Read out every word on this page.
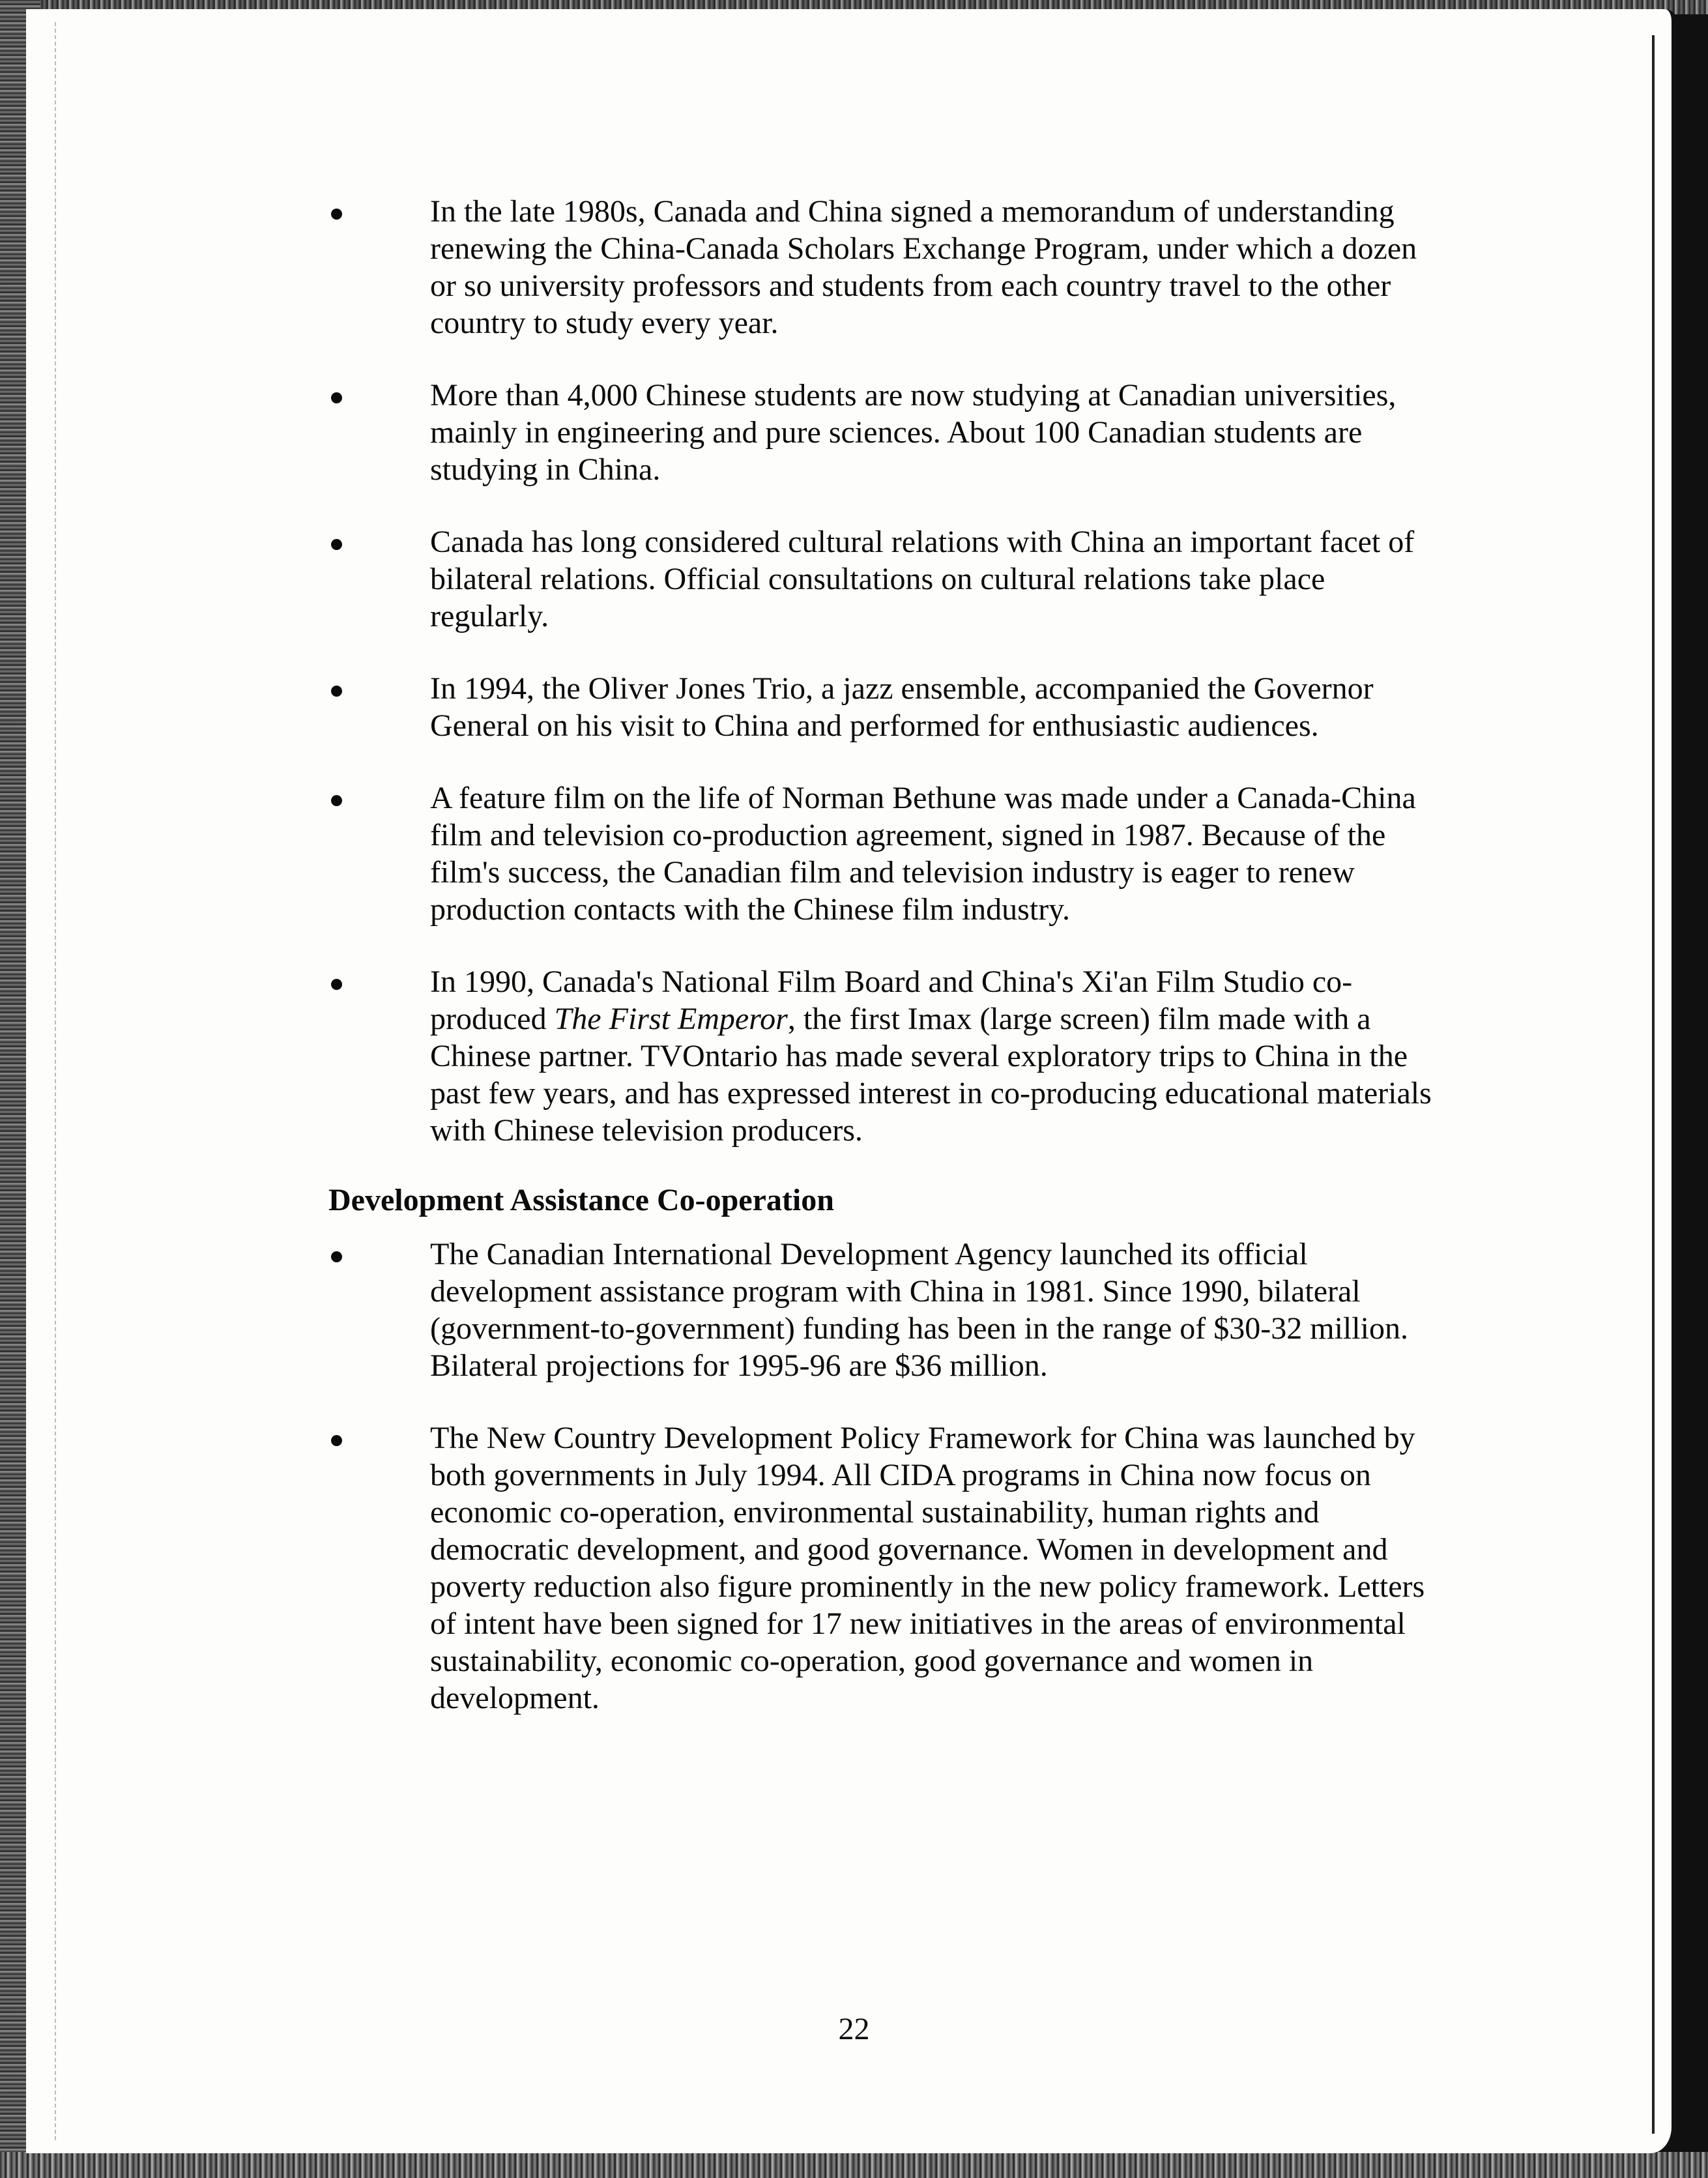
In the late 1980s, Canada and China signed a memorandum of understanding renewing the China-Canada Scholars Exchange Program, under which a dozen or so university professors and students from each country travel to the other country to study every year.
More than 4,000 Chinese students are now studying at Canadian universities, mainly in engineering and pure sciences. About 100 Canadian students are studying in China.
Canada has long considered cultural relations with China an important facet of bilateral relations. Official consultations on cultural relations take place regularly.
In 1994, the Oliver Jones Trio, a jazz ensemble, accompanied the Governor General on his visit to China and performed for enthusiastic audiences.
A feature film on the life of Norman Bethune was made under a Canada-China film and television co-production agreement, signed in 1987. Because of the film's success, the Canadian film and television industry is eager to renew production contacts with the Chinese film industry.
In 1990, Canada's National Film Board and China's Xi'an Film Studio co-produced The First Emperor, the first Imax (large screen) film made with a Chinese partner. TVOntario has made several exploratory trips to China in the past few years, and has expressed interest in co-producing educational materials with Chinese television producers.
Development Assistance Co-operation
The Canadian International Development Agency launched its official development assistance program with China in 1981. Since 1990, bilateral (government-to-government) funding has been in the range of $30-32 million. Bilateral projections for 1995-96 are $36 million.
The New Country Development Policy Framework for China was launched by both governments in July 1994. All CIDA programs in China now focus on economic co-operation, environmental sustainability, human rights and democratic development, and good governance. Women in development and poverty reduction also figure prominently in the new policy framework. Letters of intent have been signed for 17 new initiatives in the areas of environmental sustainability, economic co-operation, good governance and women in development.
22
